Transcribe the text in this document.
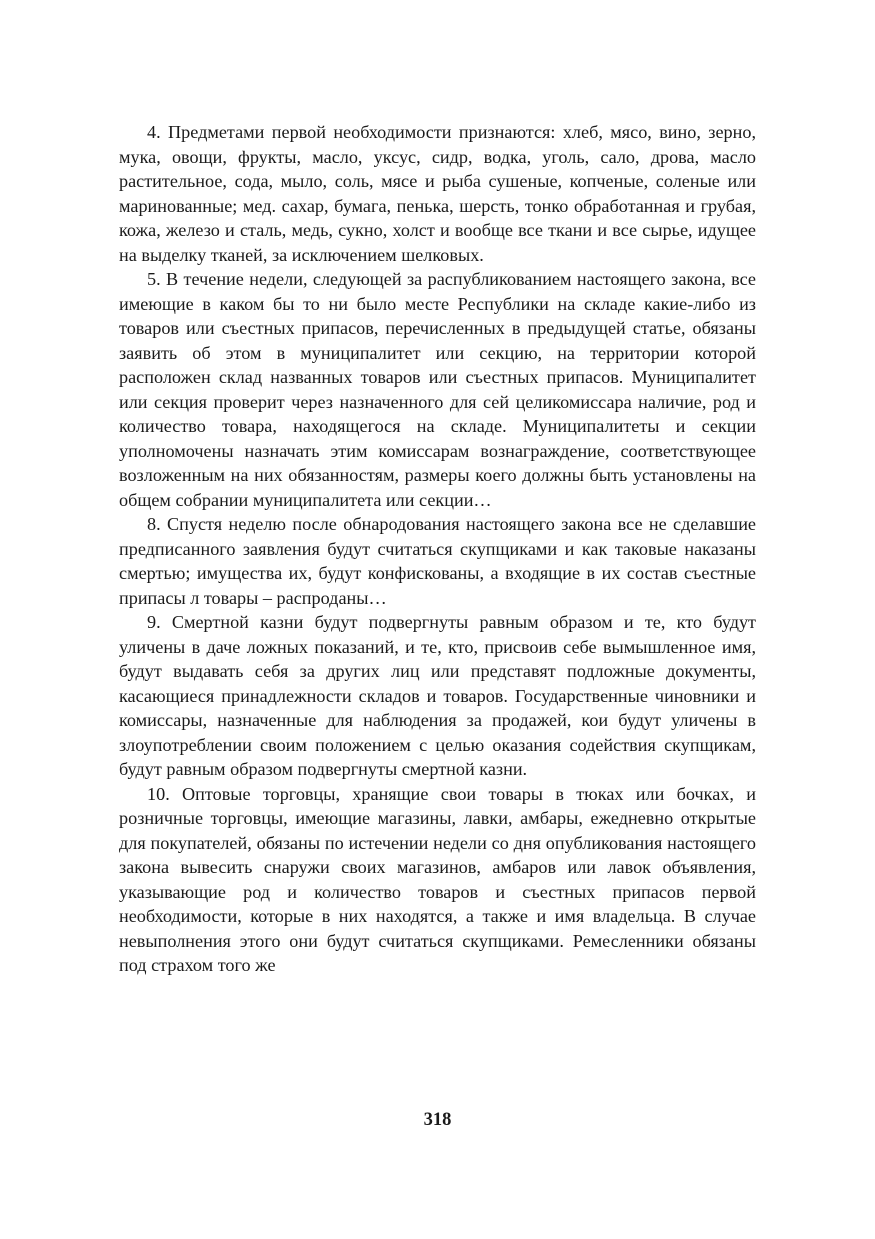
4. Предметами первой необходимости признаются: хлеб, мясо, вино, зерно, мука, овощи, фрукты, масло, уксус, сидр, водка, уголь, сало, дрова, масло растительное, сода, мыло, соль, мясе и рыба сушеные, копченые, соленые или маринованные; мед. сахар, бумага, пенька, шерсть, тонко обработанная и грубая, кожа, железо и сталь, медь, сукно, холст и вообще все ткани и все сырье, идущее на выделку тканей, за исключением шелковых.

5. В течение недели, следующей за распубликованием настоящего закона, все имеющие в каком бы то ни было месте Республики на складе какие-либо из товаров или съестных припасов, перечисленных в предыдущей статье, обязаны заявить об этом в муниципалитет или секцию, на территории которой расположен склад названных товаров или съестных припасов. Муниципалитет или секция проверит через назначенного для сей целикомиссара наличие, род и количество товара, находящегося на складе. Муниципалитеты и секции уполномочены назначать этим комиссарам вознаграждение, соответствующее возложенным на них обязанностям, размеры коего должны быть установлены на общем собрании муниципалитета или секции…

8. Спустя неделю после обнародования настоящего закона все не сделавшие предписанного заявления будут считаться скупщиками и как таковые наказаны смертью; имущества их, будут конфискованы, а входящие в их состав съестные припасы л товары – распроданы…

9. Смертной казни будут подвергнуты равным образом и те, кто будут уличены в даче ложных показаний, и те, кто, присвоив себе вымышленное имя, будут выдавать себя за других лиц или представят подложные документы, касающиеся принадлежности складов и товаров. Государственные чиновники и комиссары, назначенные для наблюдения за продажей, кои будут уличены в злоупотреблении своим положением с целью оказания содействия скупщикам, будут равным образом подвергнуты смертной казни.

10. Оптовые торговцы, хранящие свои товары в тюках или бочках, и розничные торговцы, имеющие магазины, лавки, амбары, ежедневно открытые для покупателей, обязаны по истечении недели со дня опубликования настоящего закона вывесить снаружи своих магазинов, амбаров или лавок объявления, указывающие род и количество товаров и съестных припасов первой необходимости, которые в них находятся, а также и имя владельца. В случае невыполнения этого они будут считаться скупщиками. Ремесленники обязаны под страхом того же

318
